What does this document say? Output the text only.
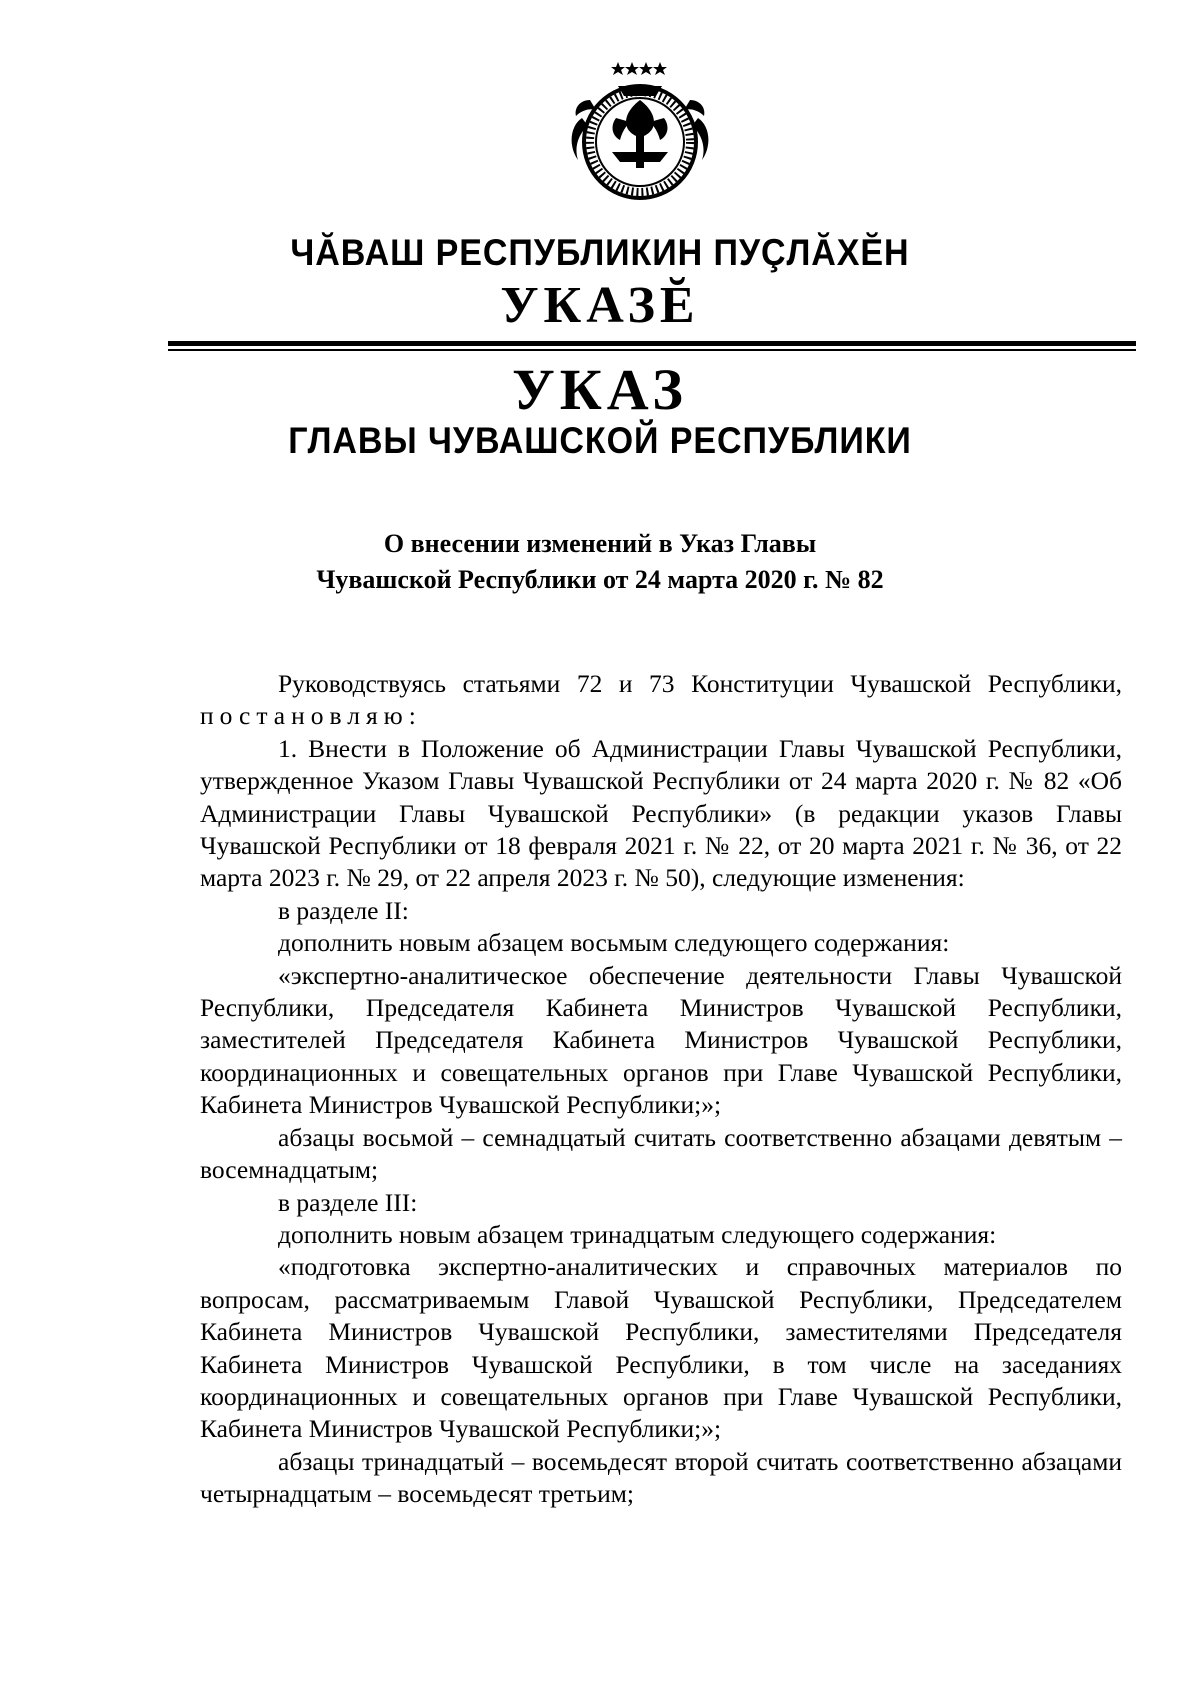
ЧĂВАШ РЕСПУБЛИКИН ПУÇЛĂХĔН
УКАЗĔ
УКАЗ
ГЛАВЫ ЧУВАШСКОЙ РЕСПУБЛИКИ
О внесении изменений в Указ Главы
Чувашской Республики от 24 марта 2020 г. № 82

Руководствуясь статьями 72 и 73 Конституции Чувашской Республики, постановляю:

1. Внести в Положение об Администрации Главы Чувашской Республики, утвержденное Указом Главы Чувашской Республики от 24 марта 2020 г. № 82 «Об Администрации Главы Чувашской Республики» (в редакции указов Главы Чувашской Республики от 18 февраля 2021 г. № 22, от 20 марта 2021 г. № 36, от 22 марта 2023 г. № 29, от 22 апреля 2023 г. № 50), следующие изменения:

в разделе II:

дополнить новым абзацем восьмым следующего содержания:

«экспертно-аналитическое обеспечение деятельности Главы Чувашской Республики, Председателя Кабинета Министров Чувашской Республики, заместителей Председателя Кабинета Министров Чувашской Республики, координационных и совещательных органов при Главе Чувашской Республики, Кабинета Министров Чувашской Республики;»;

абзацы восьмой – семнадцатый считать соответственно абзацами девятым – восемнадцатым;

в разделе III:

дополнить новым абзацем тринадцатым следующего содержания:

«подготовка экспертно-аналитических и справочных материалов по вопросам, рассматриваемым Главой Чувашской Республики, Председателем Кабинета Министров Чувашской Республики, заместителями Председателя Кабинета Министров Чувашской Республики, в том числе на заседаниях координационных и совещательных органов при Главе Чувашской Республики, Кабинета Министров Чувашской Республики;»;

абзацы тринадцатый – восемьдесят второй считать соответственно абзацами четырнадцатым – восемьдесят третьим;
